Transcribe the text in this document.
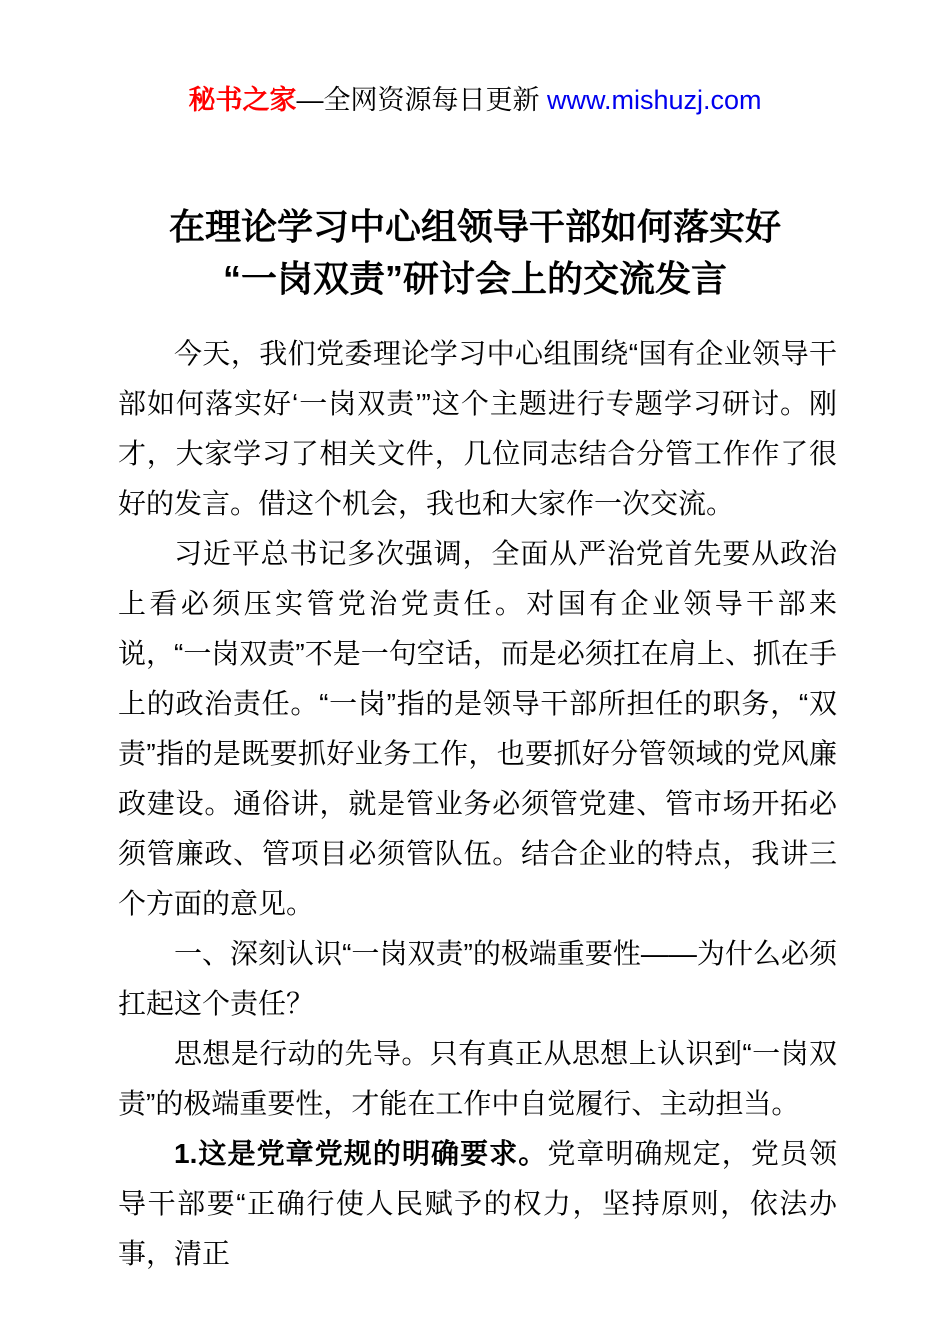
秘书之家—全网资源每日更新 www.mishuzj.com
在理论学习中心组领导干部如何落实好
“一岗双责”研讨会上的交流发言

今天，我们党委理论学习中心组围绕“国有企业领导干部如何落实好‘一岗双责’”这个主题进行专题学习研讨。刚才，大家学习了相关文件，几位同志结合分管工作作了很好的发言。借这个机会，我也和大家作一次交流。

习近平总书记多次强调，全面从严治党首先要从政治上看必须压实管党治党责任。对国有企业领导干部来说，“一岗双责”不是一句空话，而是必须扛在肩上、抓在手上的政治责任。“一岗”指的是领导干部所担任的职务，“双责”指的是既要抓好业务工作，也要抓好分管领域的党风廉政建设。通俗讲，就是管业务必须管党建、管市场开拓必须管廉政、管项目必须管队伍。结合企业的特点，我讲三个方面的意见。

一、深刻认识“一岗双责”的极端重要性——为什么必须扛起这个责任？

思想是行动的先导。只有真正从思想上认识到“一岗双责”的极端重要性，才能在工作中自觉履行、主动担当。

1.这是党章党规的明确要求。党章明确规定，党员领导干部要“正确行使人民赋予的权力，坚持原则，依法办事，清正
